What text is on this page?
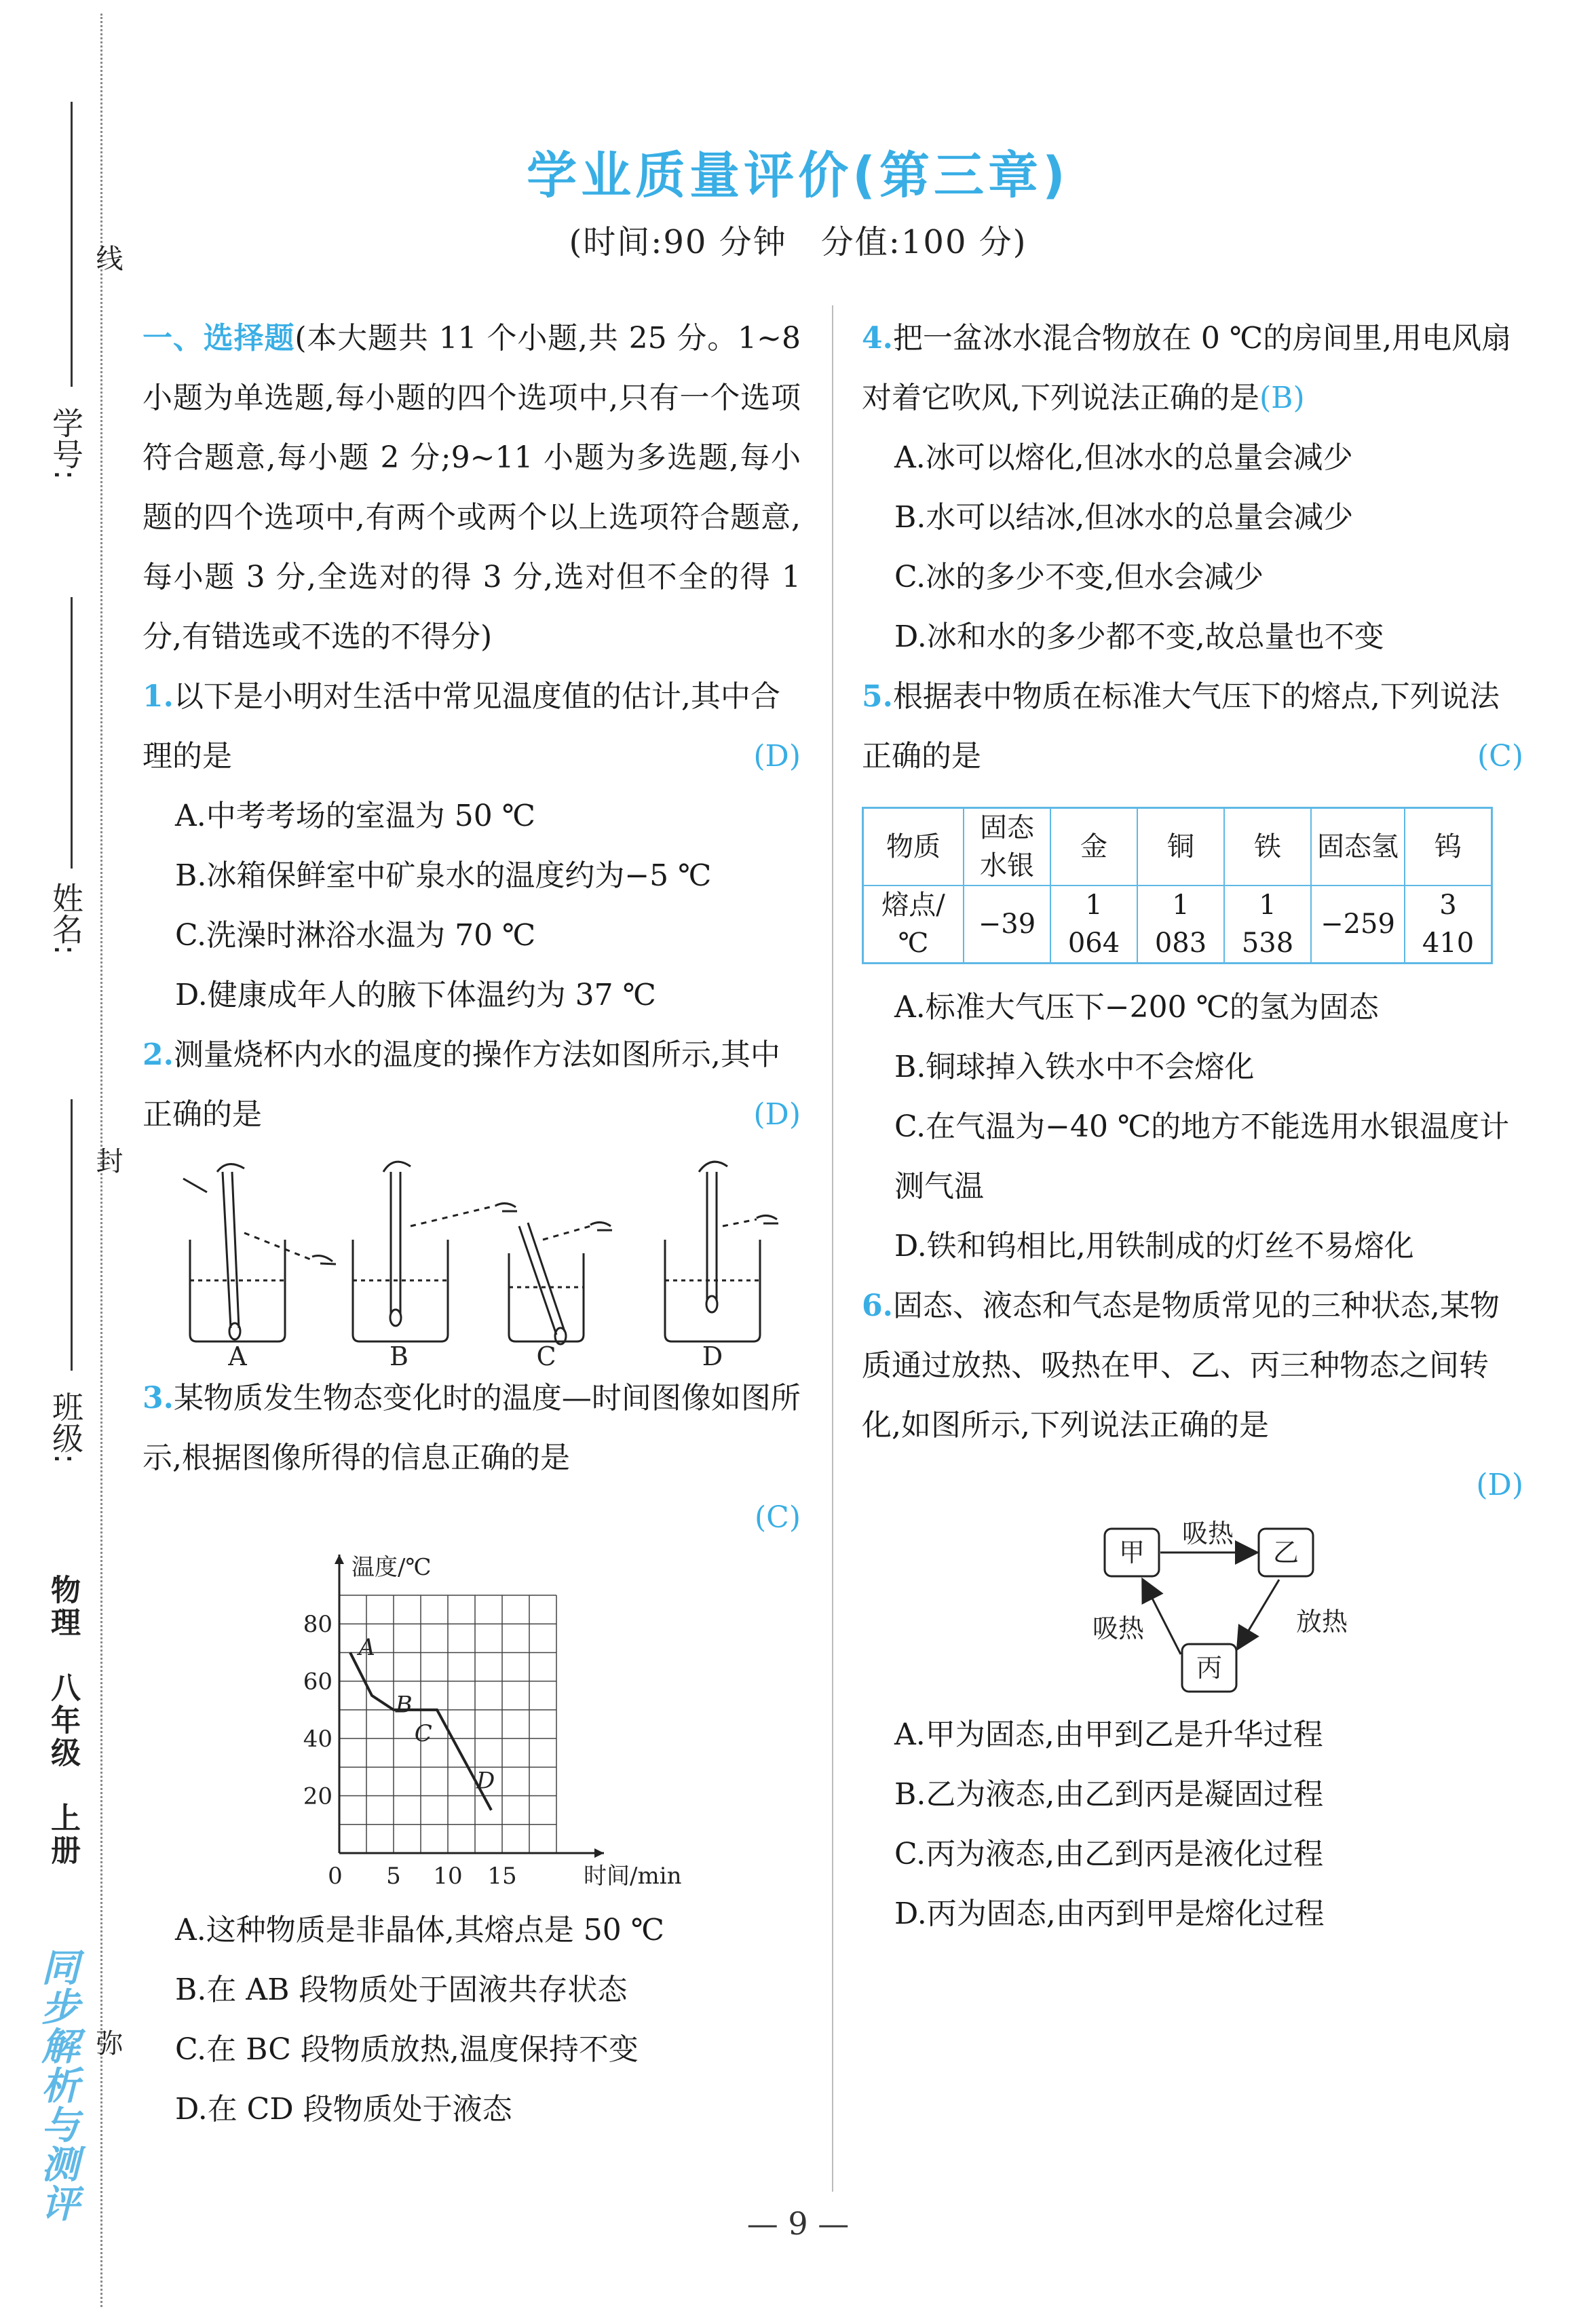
学号:
线
姓名:
封
班级:
物理　八年级　上册
弥
同步解析与测评
学业质量评价(第三章)
(时间:90 分钟　分值:100 分)

一、选择题(本大题共 11 个小题,共 25 分。1~8 小题为单选题,每小题的四个选项中,只有一个选项符合题意,每小题 2 分;9~11 小题为多选题,每小题的四个选项中,有两个或两个以上选项符合题意,每小题 3 分,全选对的得 3 分,选对但不全的得 1 分,有错选或不选的不得分)

1.以下是小明对生活中常见温度值的估计,其中合理的是	(D)

A.中考考场的室温为 50 ℃

B.冰箱保鲜室中矿泉水的温度约为−5 ℃

C.洗澡时淋浴水温为 70 ℃

D.健康成年人的腋下体温约为 37 ℃

2.测量烧杯内水的温度的操作方法如图所示,其中正确的是	(D)

A	B	C	D

3.某物质发生物态变化时的温度—时间图像如图所示,根据图像所得的信息正确的是

(C)

20
40
60
80
0 5 10 15
温度/℃
时间/min
A
B
C
D

A.这种物质是非晶体,其熔点是 50 ℃

B.在 AB 段物质处于固液共存状态

C.在 BC 段物质放热,温度保持不变

D.在 CD 段物质处于液态

4.把一盆冰水混合物放在 0 ℃的房间里,用电风扇对着它吹风,下列说法正确的是(B)

A.冰可以熔化,但冰水的总量会减少

B.水可以结冰,但冰水的总量会减少

C.冰的多少不变,但水会减少

D.冰和水的多少都不变,故总量也不变

5.根据表中物质在标准大气压下的熔点,下列说法正确的是	(C)

物质	固态水银	金	铜	铁	固态氢	钨
熔点/℃	−39	1 064	1 083	1 538	−259	3 410

A.标准大气压下−200 ℃的氢为固态

B.铜球掉入铁水中不会熔化

C.在气温为−40 ℃的地方不能选用水银温度计测气温

D.铁和钨相比,用铁制成的灯丝不易熔化

6.固态、液态和气态是物质常见的三种状态,某物质通过放热、吸热在甲、乙、丙三种物态之间转化,如图所示,下列说法正确的是

(D)

甲	乙
丙
吸热
放热
吸热

A.甲为固态,由甲到乙是升华过程

B.乙为液态,由乙到丙是凝固过程

C.丙为液态,由乙到丙是液化过程

D.丙为固态,由丙到甲是熔化过程

— 9 —
